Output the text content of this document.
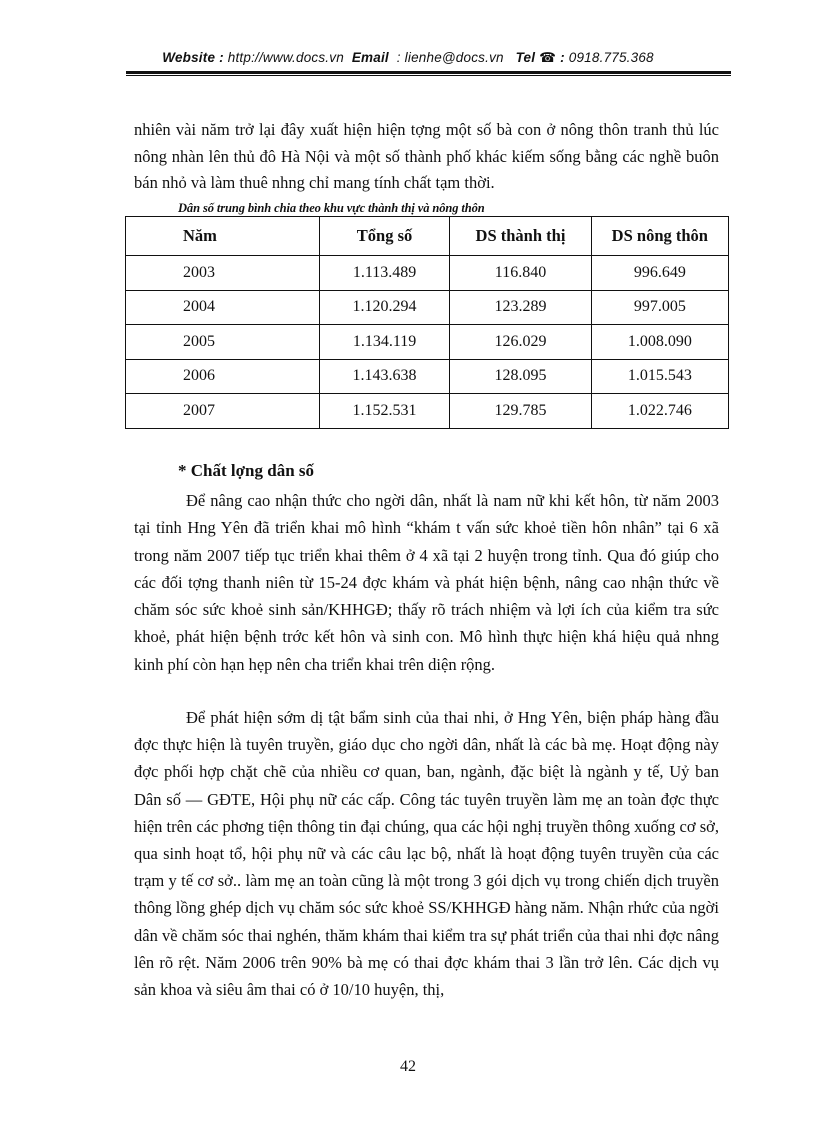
Website : http://www.docs.vn Email : lienhe@docs.vn Tel ☎ : 0918.775.368

nhiên vài năm trở lại đây xuất hiện hiện tợng một số bà con ở nông thôn tranh thủ lúc nông nhàn lên thủ đô Hà Nội và một số thành phố khác kiếm sống bằng các nghề buôn bán nhỏ và làm thuê nhng chỉ mang tính chất tạm thời.

Dân số trung bình chia theo khu vực thành thị và nông thôn
Năm	Tổng số	DS thành thị	DS nông thôn
2003	1.113.489	116.840	996.649
2004	1.120.294	123.289	997.005
2005	1.134.119	126.029	1.008.090
2006	1.143.638	128.095	1.015.543
2007	1.152.531	129.785	1.022.746
* Chất lợng dân số

Để nâng cao nhận thức cho ngời dân, nhất là nam nữ khi kết hôn, từ năm 2003 tại tỉnh Hng Yên đã triển khai mô hình “khám t vấn sức khoẻ tiền hôn nhân” tại 6 xã trong năm 2007 tiếp tục triển khai thêm ở 4 xã tại 2 huyện trong tỉnh. Qua đó giúp cho các đối tợng thanh niên từ 15-24 đợc khám và phát hiện bệnh, nâng cao nhận thức về chăm sóc sức khoẻ sinh sản/KHHGĐ; thấy rõ trách nhiệm và lợi ích của kiểm tra sức khoẻ, phát hiện bệnh trớc kết hôn và sinh con. Mô hình thực hiện khá hiệu quả nhng kinh phí còn hạn hẹp nên cha triển khai trên diện rộng.

Để phát hiện sớm dị tật bẩm sinh của thai nhi, ở Hng Yên, biện pháp hàng đầu đợc thực hiện là tuyên truyền, giáo dục cho ngời dân, nhất là các bà mẹ. Hoạt động này đợc phối hợp chặt chẽ của nhiều cơ quan, ban, ngành, đặc biệt là ngành y tế, Uỷ ban Dân số — GĐTE, Hội phụ nữ các cấp. Công tác tuyên truyền làm mẹ an toàn đợc thực hiện trên các phơng tiện thông tin đại chúng, qua các hội nghị truyền thông xuống cơ sở, qua sinh hoạt tổ, hội phụ nữ và các câu lạc bộ, nhất là hoạt động tuyên truyền của các trạm y tế cơ sở.. làm mẹ an toàn cũng là một trong 3 gói dịch vụ trong chiến dịch truyền thông lồng ghép dịch vụ chăm sóc sức khoẻ SS/KHHGĐ hàng năm. Nhận rhức của ngời dân về chăm sóc thai nghén, thăm khám thai kiểm tra sự phát triển của thai nhi đợc nâng lên rõ rệt. Năm 2006 trên 90% bà mẹ có thai đợc khám thai 3 lần trở lên. Các dịch vụ sản khoa và siêu âm thai có ở 10/10 huyện, thị,

42
